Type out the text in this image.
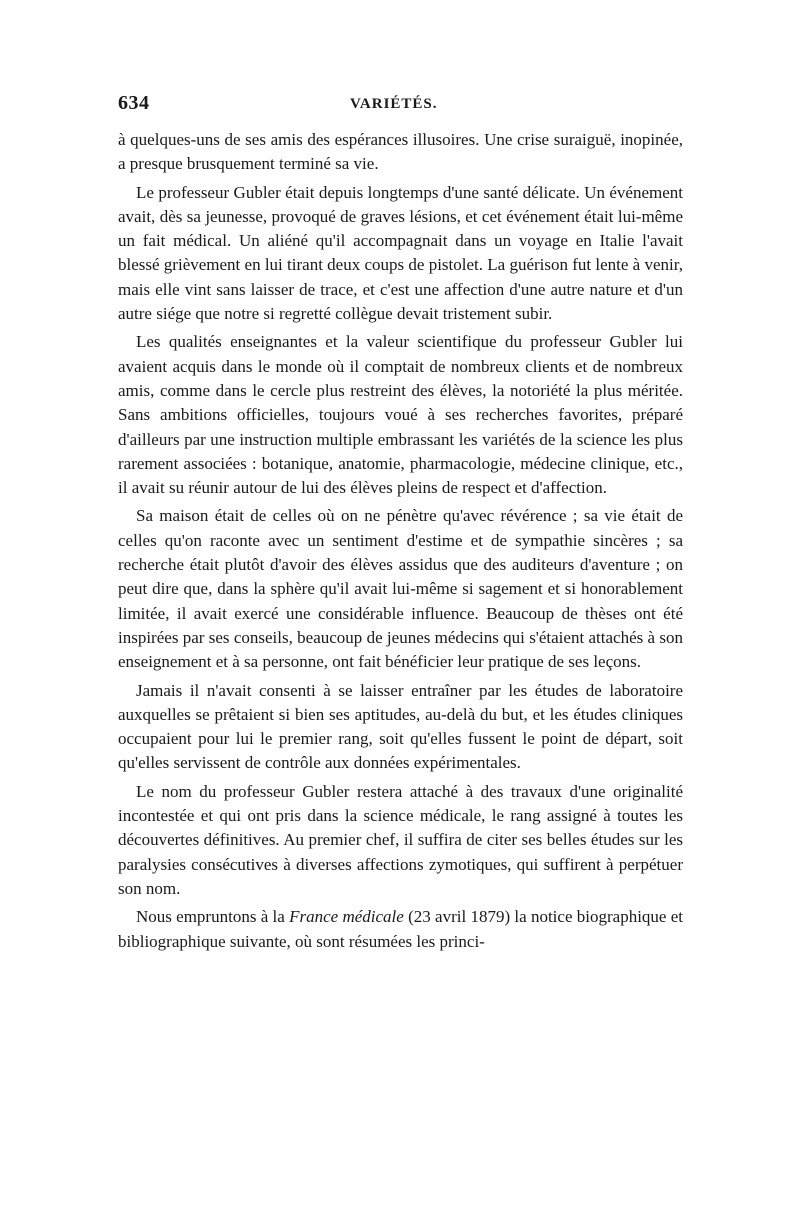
634	VARIÉTÉS.

à quelques-uns de ses amis des espérances illusoires. Une crise suraiguë, inopinée, a presque brusquement terminé sa vie.

Le professeur Gubler était depuis longtemps d'une santé délicate. Un événement avait, dès sa jeunesse, provoqué de graves lésions, et cet événement était lui-même un fait médical. Un aliéné qu'il accompagnait dans un voyage en Italie l'avait blessé grièvement en lui tirant deux coups de pistolet. La guérison fut lente à venir, mais elle vint sans laisser de trace, et c'est une affection d'une autre nature et d'un autre siége que notre si regretté collègue devait tristement subir.

Les qualités enseignantes et la valeur scientifique du professeur Gubler lui avaient acquis dans le monde où il comptait de nombreux clients et de nombreux amis, comme dans le cercle plus restreint des élèves, la notoriété la plus méritée. Sans ambitions officielles, toujours voué à ses recherches favorites, préparé d'ailleurs par une instruction multiple embrassant les variétés de la science les plus rarement associées : botanique, anatomie, pharmacologie, médecine clinique, etc., il avait su réunir autour de lui des élèves pleins de respect et d'affection.

Sa maison était de celles où on ne pénètre qu'avec révérence ; sa vie était de celles qu'on raconte avec un sentiment d'estime et de sympathie sincères ; sa recherche était plutôt d'avoir des élèves assidus que des auditeurs d'aventure ; on peut dire que, dans la sphère qu'il avait lui-même si sagement et si honorablement limitée, il avait exercé une considérable influence. Beaucoup de thèses ont été inspirées par ses conseils, beaucoup de jeunes médecins qui s'étaient attachés à son enseignement et à sa personne, ont fait bénéficier leur pratique de ses leçons.

Jamais il n'avait consenti à se laisser entraîner par les études de laboratoire auxquelles se prêtaient si bien ses aptitudes, au-delà du but, et les études cliniques occupaient pour lui le premier rang, soit qu'elles fussent le point de départ, soit qu'elles servissent de contrôle aux données expérimentales.

Le nom du professeur Gubler restera attaché à des travaux d'une originalité incontestée et qui ont pris dans la science médicale, le rang assigné à toutes les découvertes définitives. Au premier chef, il suffira de citer ses belles études sur les paralysies consécutives à diverses affections zymotiques, qui suffirent à perpétuer son nom.

Nous empruntons à la France médicale (23 avril 1879) la notice biographique et bibliographique suivante, où sont résumées les princi-
